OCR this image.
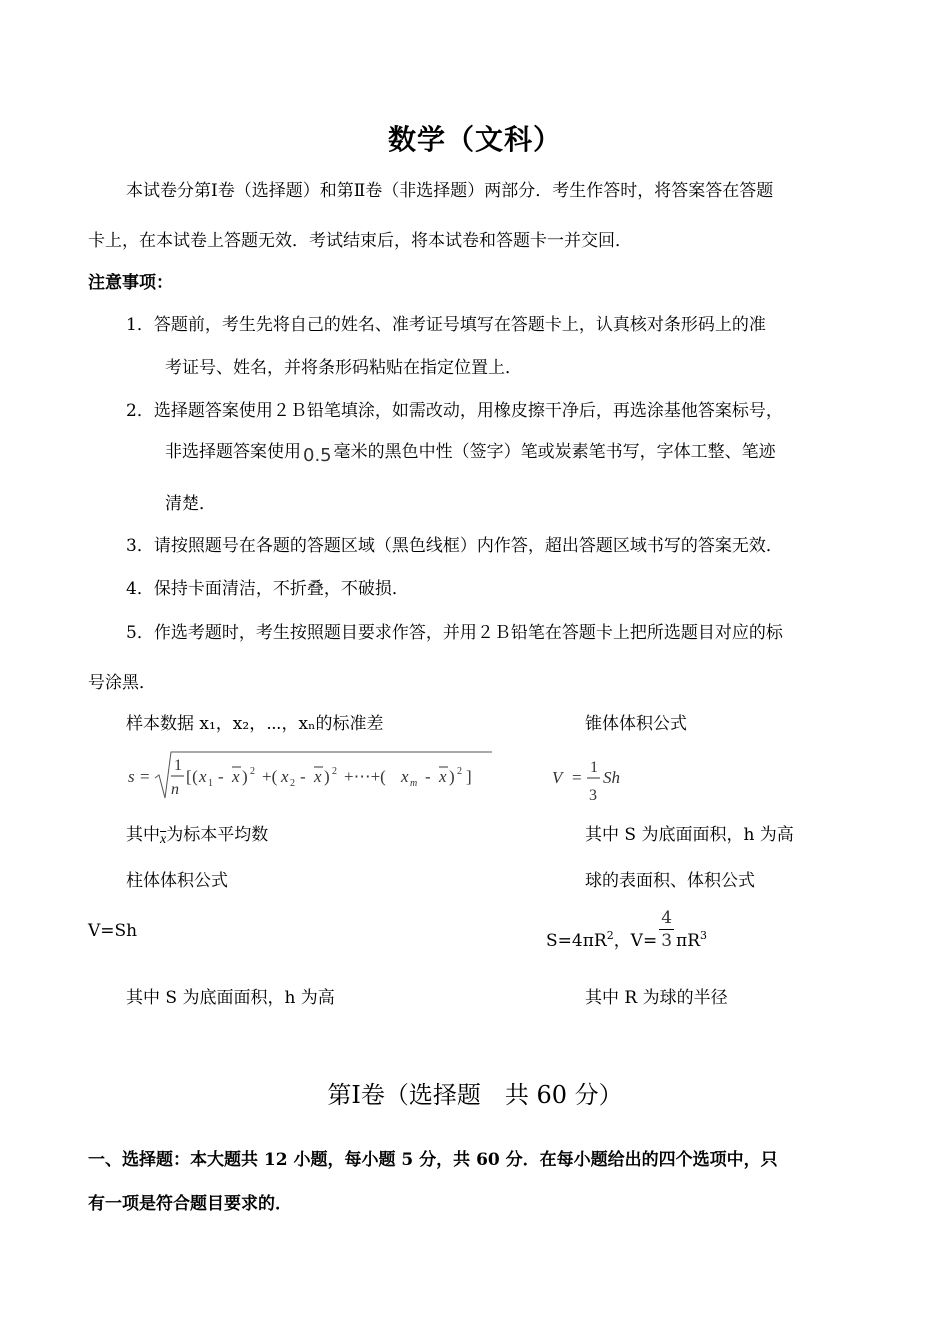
数学（文科）
本试卷分第Ⅰ卷（选择题）和第Ⅱ卷（非选择题）两部分．考生作答时，将答案答在答题
卡上，在本试卷上答题无效．考试结束后，将本试卷和答题卡一并交回．
注意事项：
1．答题前，考生先将自己的姓名、准考证号填写在答题卡上，认真核对条形码上的准
考证号、姓名，并将条形码粘贴在指定位置上．
2．选择题答案使用２Ｂ铅笔填涂，如需改动，用橡皮擦干净后，再选涂基他答案标号，
非选择题答案使用 0.5 毫米的黑色中性（签字）笔或炭素笔书写，字体工整、笔迹
清楚．
3．请按照题号在各题的答题区域（黑色线框）内作答，超出答题区域书写的答案无效．
4．保持卡面清洁，不折叠，不破损．
5．作选考题时，考生按照题目要求作答，并用２Ｂ铅笔在答题卡上把所选题目对应的标
号涂黑．
样本数据 x₁，x₂，⋯，xₙ的标准差	锥体体积公式
s =
1
n
[( x 1 - x ) 2 +( x 2 - x ) 2 +⋯+( x m - x ) 2 ]	V =
1
3
Sh
其中$\overline{x}$为标本平均数	其中 S 为底面面积，h 为高
柱体体积公式	球的表面积、体积公式
V=Sh	$S=4\pi R^2$，$V= \frac{4}{3} \pi R^3$
其中 S 为底面面积，h 为高	其中 R 为球的半径
第Ⅰ卷（选择题　共 60 分）
一、选择题：本大题共 12 小题，每小题 5 分，共 60 分．在每小题给出的四个选项中，只
有一项是符合题目要求的．
